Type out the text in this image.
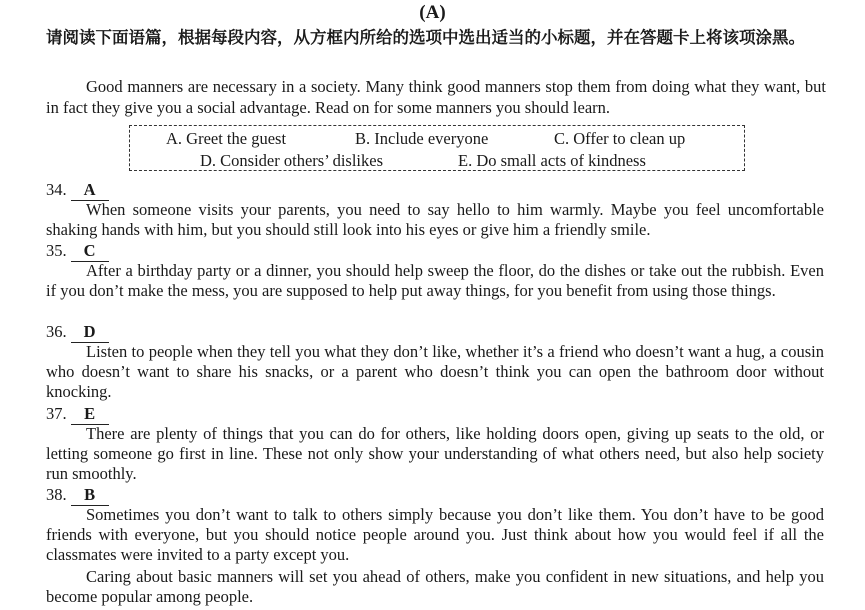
(A)
请阅读下面语篇，根据每段内容，从方框内所给的选项中选出适当的小标题，并在答题卡上将该项涂黑。
Good manners are necessary in a society. Many think good manners stop them from doing what they want, but in fact they give you a social advantage. Read on for some manners you should learn.
A. Greet the guest	B. Include everyone	C. Offer to clean up
D. Consider others’ dislikes	E. Do small acts of kindness
34. A
When someone visits your parents, you need to say hello to him warmly. Maybe you feel uncomfortable shaking hands with him, but you should still look into his eyes or give him a friendly smile.
35. C
After a birthday party or a dinner, you should help sweep the floor, do the dishes or take out the rubbish. Even if you don’t make the mess, you are supposed to help put away things, for you benefit from using those things.
36. D
Listen to people when they tell you what they don’t like, whether it’s a friend who doesn’t want a hug, a cousin who doesn’t want to share his snacks, or a parent who doesn’t think you can open the bathroom door without knocking.
37. E
There are plenty of things that you can do for others, like holding doors open, giving up seats to the old, or letting someone go first in line. These not only show your understanding of what others need, but also help society run smoothly.
38. B
Sometimes you don’t want to talk to others simply because you don’t like them. You don’t have to be good friends with everyone, but you should notice people around you. Just think about how you would feel if all the classmates were invited to a party except you.
Caring about basic manners will set you ahead of others, make you confident in new situations, and help you become popular among people.
